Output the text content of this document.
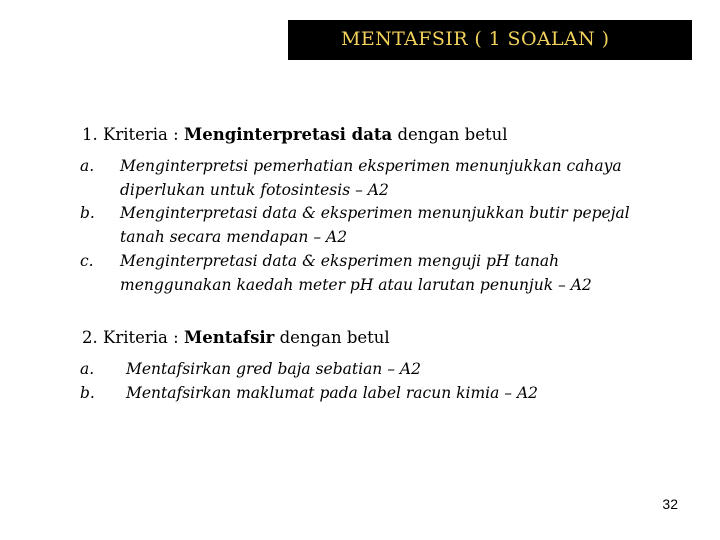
MENTAFSIR ( 1 SOALAN )
1. Kriteria : Menginterpretasi data dengan betul
a. Menginterpretsi pemerhatian eksperimen menunjukkan cahaya
diperlukan untuk fotosintesis – A2
b. Menginterpretasi data & eksperimen menunjukkan butir pepejal
tanah secara mendapan – A2
c. Menginterpretasi data & eksperimen menguji pH tanah
menggunakan kaedah meter pH atau larutan penunjuk – A2
2. Kriteria : Mentafsir dengan betul
a. Mentafsirkan gred baja sebatian – A2
b. Mentafsirkan maklumat pada label racun kimia – A2
32
